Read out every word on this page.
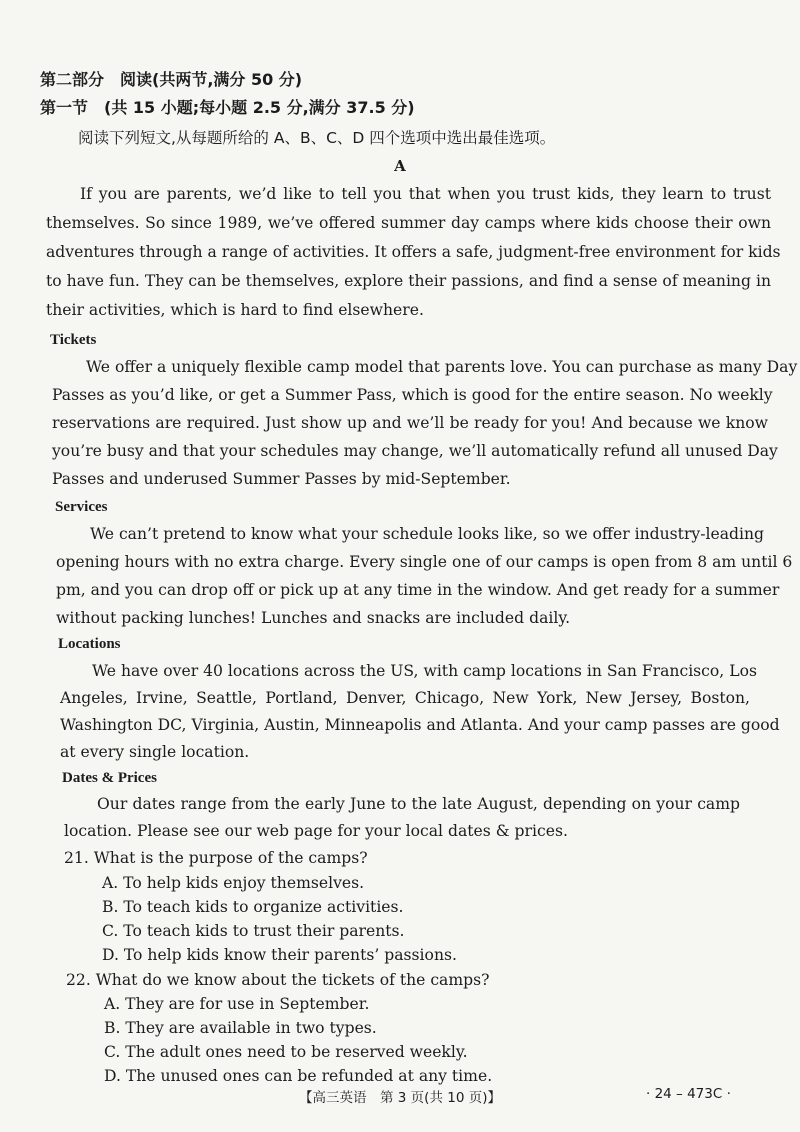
第二部分　阅读(共两节,满分 50 分)
第一节　(共 15 小题;每小题 2.5 分,满分 37.5 分)
阅读下列短文,从每题所给的 A、B、C、D 四个选项中选出最佳选项。
A
If you are parents, we’d like to tell you that when you trust kids, they learn to trust
themselves. So since 1989, we’ve offered summer day camps where kids choose their own
adventures through a range of activities. It offers a safe, judgment-free environment for kids
to have fun. They can be themselves, explore their passions, and find a sense of meaning in
their activities, which is hard to find elsewhere.
Tickets
We offer a uniquely flexible camp model that parents love. You can purchase as many Day
Passes as you’d like, or get a Summer Pass, which is good for the entire season. No weekly
reservations are required. Just show up and we’ll be ready for you! And because we know
you’re busy and that your schedules may change, we’ll automatically refund all unused Day
Passes and underused Summer Passes by mid-September.
Services
We can’t pretend to know what your schedule looks like, so we offer industry-leading
opening hours with no extra charge. Every single one of our camps is open from 8 am until 6
pm, and you can drop off or pick up at any time in the window. And get ready for a summer
without packing lunches! Lunches and snacks are included daily.
Locations
We have over 40 locations across the US, with camp locations in San Francisco, Los
Angeles, Irvine, Seattle, Portland, Denver, Chicago, New York, New Jersey, Boston,
Washington DC, Virginia, Austin, Minneapolis and Atlanta. And your camp passes are good
at every single location.
Dates & Prices
Our dates range from the early June to the late August, depending on your camp
location. Please see our web page for your local dates & prices.
21. What is the purpose of the camps?
A. To help kids enjoy themselves.
B. To teach kids to organize activities.
C. To teach kids to trust their parents.
D. To help kids know their parents’ passions.
22. What do we know about the tickets of the camps?
A. They are for use in September.
B. They are available in two types.
C. The adult ones need to be reserved weekly.
D. The unused ones can be refunded at any time.
【高三英语　第 3 页(共 10 页)】	· 24 – 473C ·
